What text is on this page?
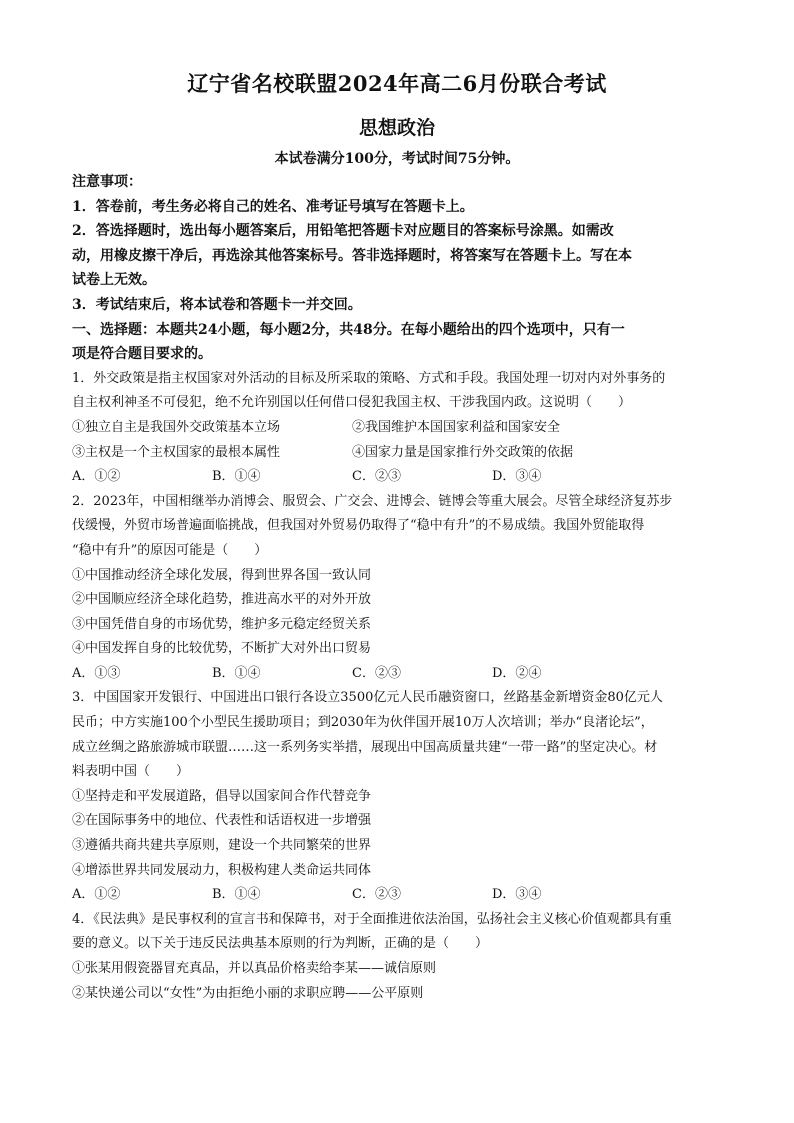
辽宁省名校联盟2024年高二6月份联合考试
思想政治
本试卷满分100分，考试时间75分钟。
注意事项：
1．答卷前，考生务必将自己的姓名、准考证号填写在答题卡上。
2．答选择题时，选出每小题答案后，用铅笔把答题卡对应题目的答案标号涂黑。如需改
动，用橡皮擦干净后，再选涂其他答案标号。答非选择题时，将答案写在答题卡上。写在本
试卷上无效。
3．考试结束后，将本试卷和答题卡一并交回。
一、选择题：本题共24小题，每小题2分，共48分。在每小题给出的四个选项中，只有一
项是符合题目要求的。
1．外交政策是指主权国家对外活动的目标及所采取的策略、方式和手段。我国处理一切对内对外事务的
自主权利神圣不可侵犯，绝不允许别国以任何借口侵犯我国主权、干涉我国内政。这说明（　　）
①独立自主是我国外交政策基本立场	②我国维护本国国家利益和国家安全
③主权是一个主权国家的最根本属性	④国家力量是国家推行外交政策的依据
A．①②	B．①④	C．②③	D．③④
2．2023年，中国相继举办消博会、服贸会、广交会、进博会、链博会等重大展会。尽管全球经济复苏步
伐缓慢，外贸市场普遍面临挑战，但我国对外贸易仍取得了“稳中有升”的不易成绩。我国外贸能取得
“稳中有升”的原因可能是（　　）
①中国推动经济全球化发展，得到世界各国一致认同
②中国顺应经济全球化趋势，推进高水平的对外开放
③中国凭借自身的市场优势，维护多元稳定经贸关系
④中国发挥自身的比较优势，不断扩大对外出口贸易
A．①③	B．①④	C．②③	D．②④
3．中国国家开发银行、中国进出口银行各设立3500亿元人民币融资窗口，丝路基金新增资金80亿元人
民币；中方实施100个小型民生援助项目；到2030年为伙伴国开展10万人次培训；举办“良渚论坛”，
成立丝绸之路旅游城市联盟……这一系列务实举措，展现出中国高质量共建“一带一路”的坚定决心。材
料表明中国（　　）
①坚持走和平发展道路，倡导以国家间合作代替竞争
②在国际事务中的地位、代表性和话语权进一步增强
③遵循共商共建共享原则，建设一个共同繁荣的世界
④增添世界共同发展动力，积极构建人类命运共同体
A．①②	B．①④	C．②③	D．③④
4．《民法典》是民事权利的宣言书和保障书，对于全面推进依法治国，弘扬社会主义核心价值观都具有重
要的意义。以下关于违反民法典基本原则的行为判断，正确的是（　　）
①张某用假瓷器冒充真品，并以真品价格卖给李某——诚信原则
②某快递公司以“女性”为由拒绝小丽的求职应聘——公平原则
